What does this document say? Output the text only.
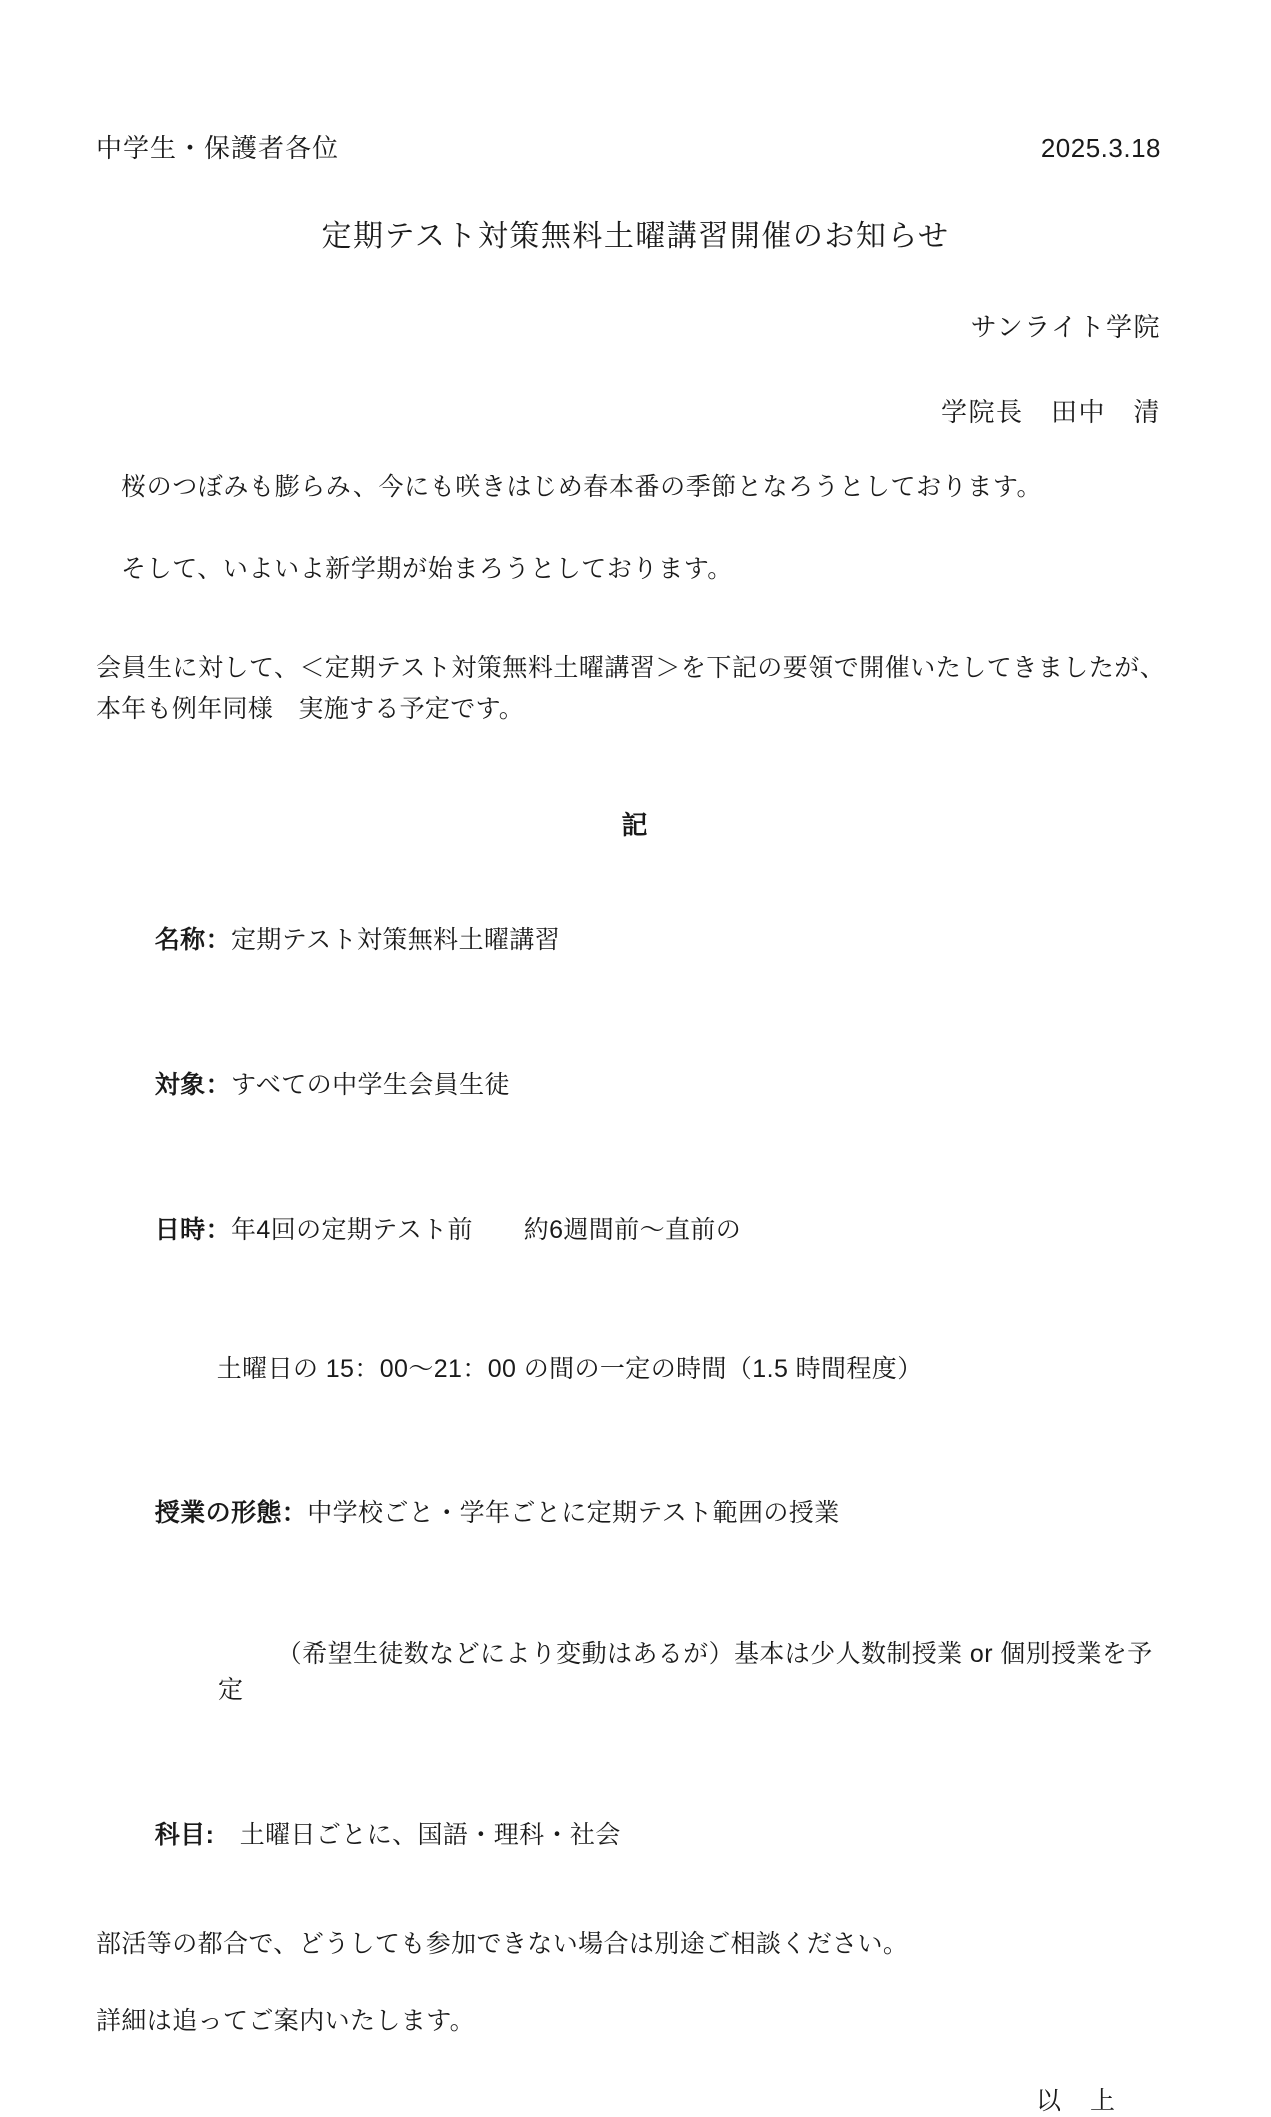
中学生・保護者各位	2025.3.18
定期テスト対策無料土曜講習開催のお知らせ
サンライト学院
学院長　田中　清

桜のつぼみも膨らみ、今にも咲きはじめ春本番の季節となろうとしております。

そして、いよいよ新学期が始まろうとしております。

会員生に対して、＜定期テスト対策無料土曜講習＞を下記の要領で開催いたしてきましたが、本年も例年同様　実施する予定です。

記

名称：定期テスト対策無料土曜講習

対象：すべての中学生会員生徒

日時：年4回の定期テスト前　　約6週間前～直前の

土曜日の 15：00～21：00 の間の一定の時間（1.5 時間程度）

授業の形態：中学校ごと・学年ごとに定期テスト範囲の授業

（希望生徒数などにより変動はあるが）基本は少人数制授業 or 個別授業を予定

科目:　土曜日ごとに、国語・理科・社会

部活等の都合で、どうしても参加できない場合は別途ご相談ください。

詳細は追ってご案内いたします。

以　上
